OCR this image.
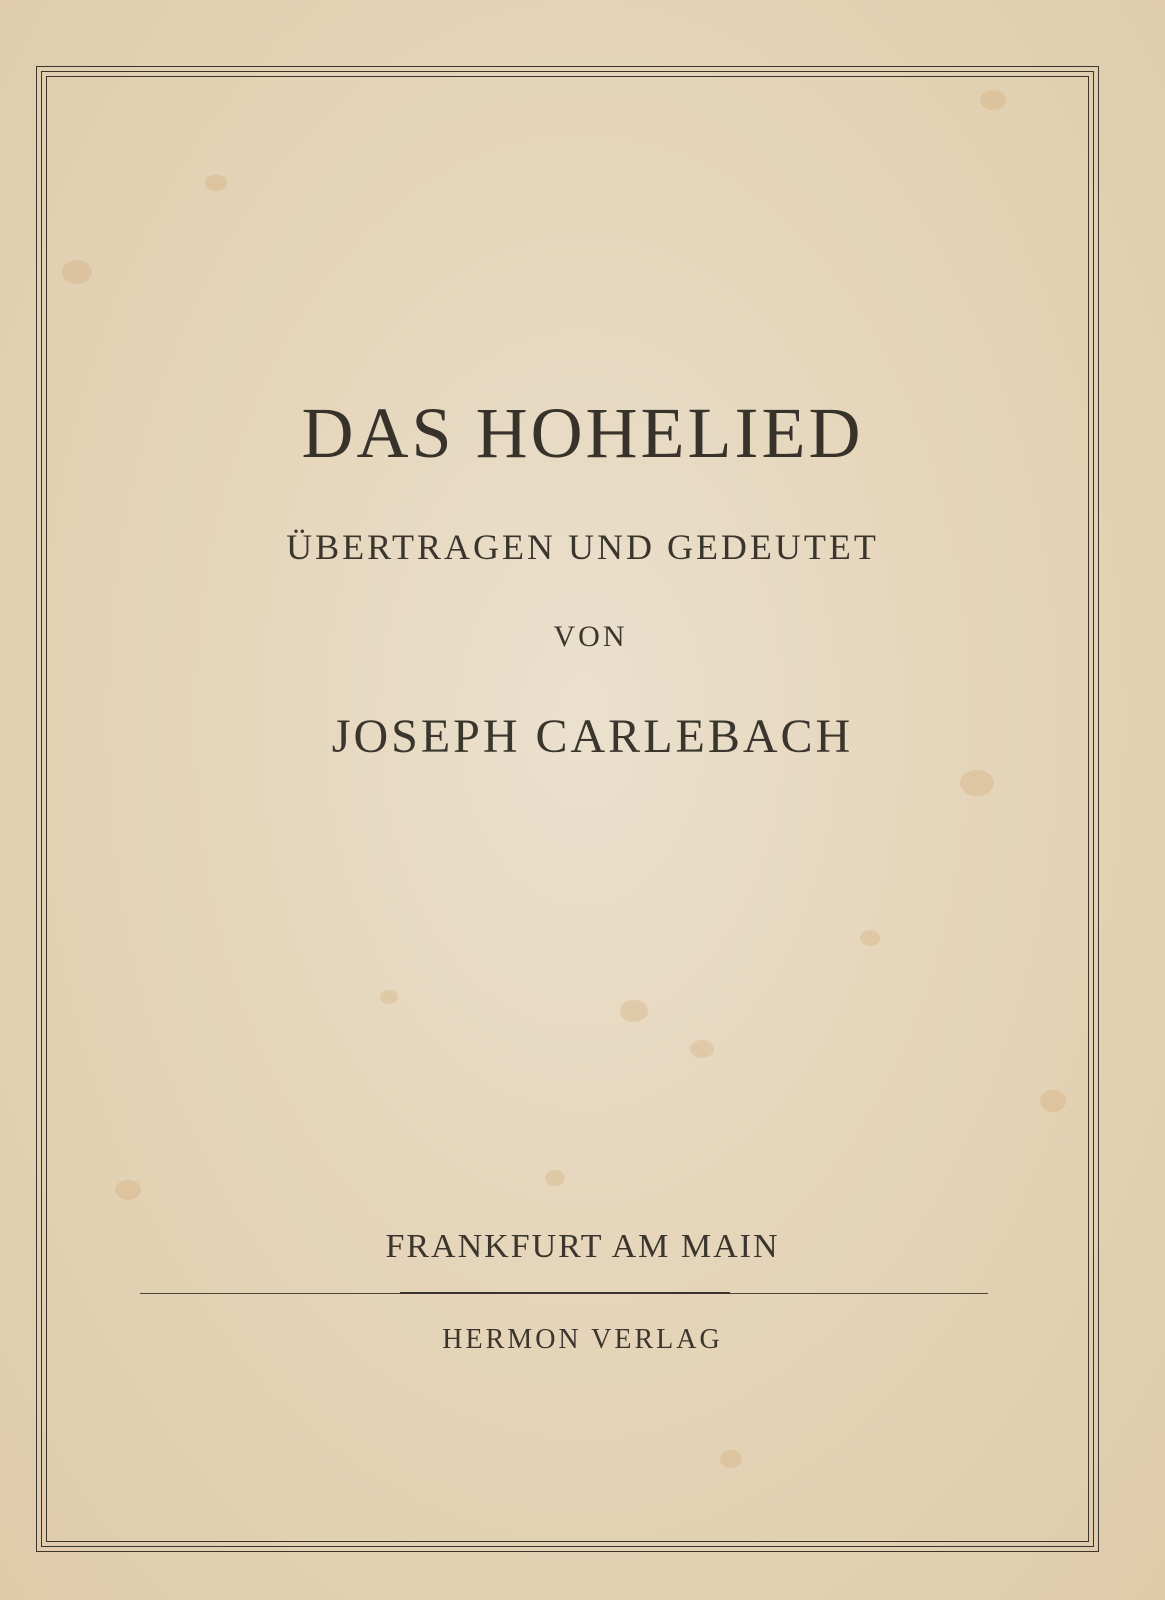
DAS HOHELIED
ÜBERTRAGEN UND GEDEUTET
VON
JOSEPH CARLEBACH
FRANKFURT AM MAIN
HERMON VERLAG
